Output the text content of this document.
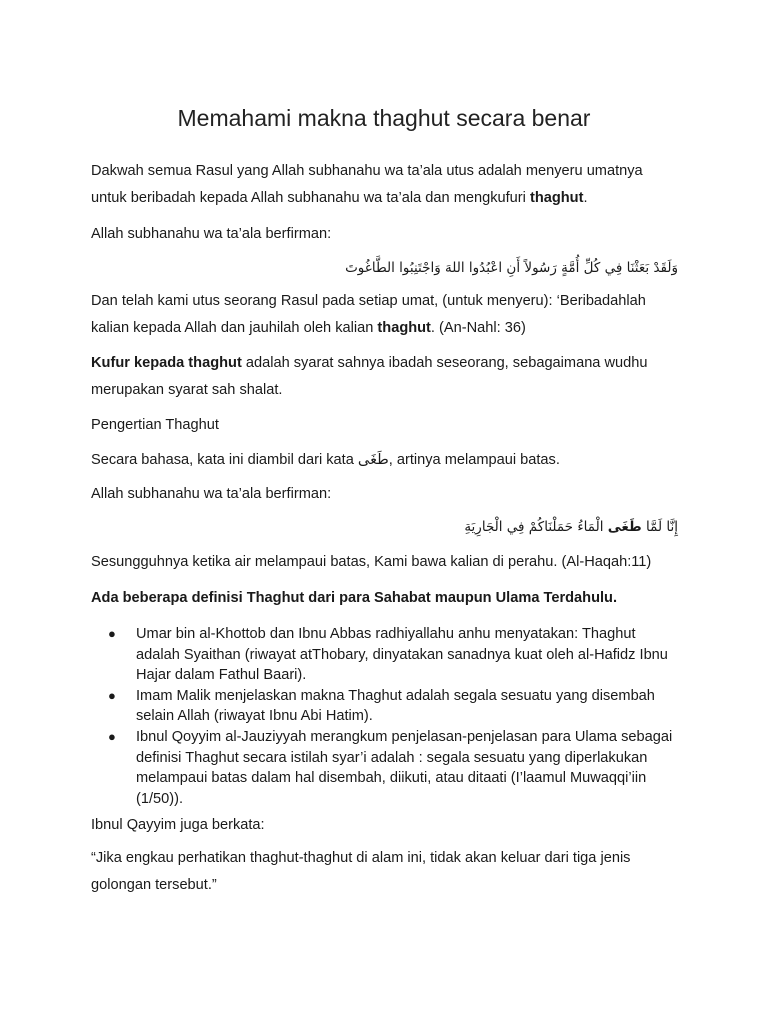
Memahami makna thaghut secara benar

Dakwah semua Rasul yang Allah subhanahu wa ta’ala utus adalah menyeru umatnya untuk beribadah kepada Allah subhanahu wa ta’ala dan mengkufuri thaghut.

Allah subhanahu wa ta’ala berfirman:

وَلَقَدْ بَعَثْنَا فِي كُلِّ أُمَّةٍ رَسُولاً أَنِ اعْبُدُوا اللهَ وَاجْتَنِبُوا الطَّاغُوتَ

Dan telah kami utus seorang Rasul pada setiap umat, (untuk menyeru): ‘Beribadahlah kalian kepada Allah dan jauhilah oleh kalian thaghut. (An-Nahl: 36)

Kufur kepada thaghut adalah syarat sahnya ibadah seseorang, sebagaimana wudhu merupakan syarat sah shalat.

Pengertian Thaghut

Secara bahasa, kata ini diambil dari kata طَغَى, artinya melampaui batas.

Allah subhanahu wa ta’ala berfirman:

إِنَّا لَمَّا طَغَى الْمَاءُ حَمَلْنَاكُمْ فِي الْجَارِيَةِ

Sesungguhnya ketika air melampaui batas, Kami bawa kalian di perahu. (Al-Haqah:11)

Ada beberapa definisi Thaghut dari para Sahabat maupun Ulama Terdahulu.

● Umar bin al-Khottob dan Ibnu Abbas radhiyallahu anhu menyatakan: Thaghut adalah Syaithan (riwayat atThobary, dinyatakan sanadnya kuat oleh al-Hafidz Ibnu Hajar dalam Fathul Baari).
● Imam Malik menjelaskan makna Thaghut adalah segala sesuatu yang disembah selain Allah (riwayat Ibnu Abi Hatim).
● Ibnul Qoyyim al-Jauziyyah merangkum penjelasan-penjelasan para Ulama sebagai definisi Thaghut secara istilah syar’i adalah : segala sesuatu yang diperlakukan melampaui batas dalam hal disembah, diikuti, atau ditaati (I’laamul Muwaqqi’iin (1/50)).

Ibnul Qayyim juga berkata:

“Jika engkau perhatikan thaghut-thaghut di alam ini, tidak akan keluar dari tiga jenis golongan tersebut.”
